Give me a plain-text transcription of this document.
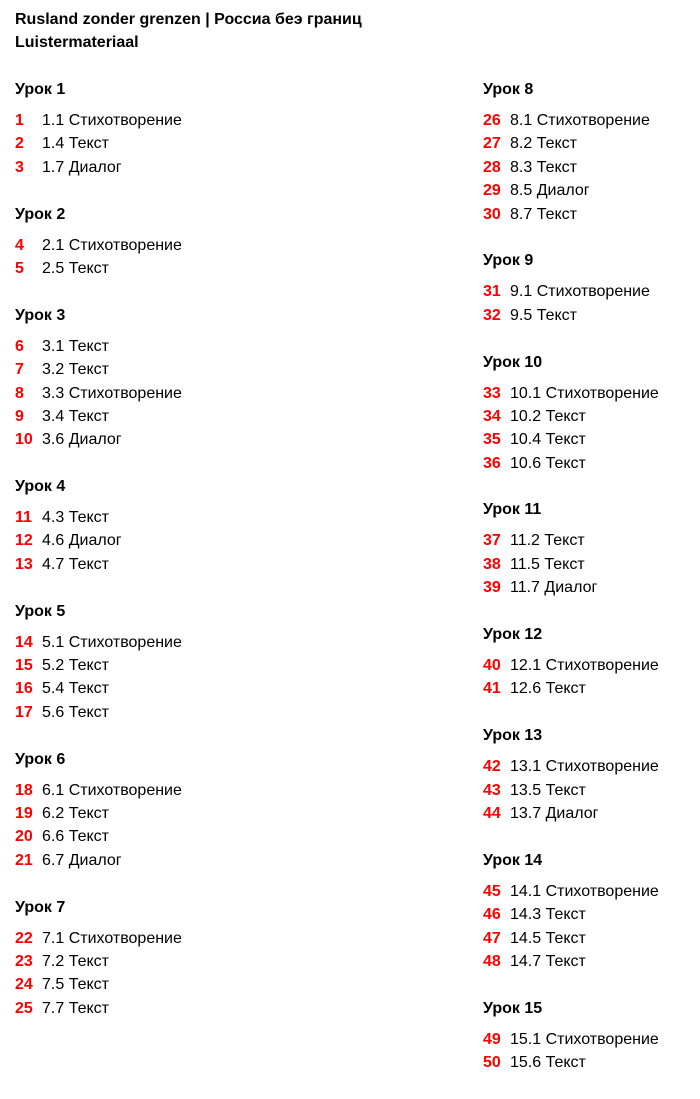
Rusland zonder grenzen | Россиа беэ границ
Luistermateriaal
Урок 1
1 1.1 Стихотворение
2 1.4 Текст
3 1.7 Диалог
Урок 2
4 2.1 Стихотворение
5 2.5 Текст
Урок 3
6 3.1 Текст
7 3.2 Текст
8 3.3 Стихотворение
9 3.4 Текст
10 3.6 Диалог
Урок 4
11 4.3 Текст
12 4.6 Диалог
13 4.7 Текст
Урок 5
14 5.1 Стихотворение
15 5.2 Текст
16 5.4 Текст
17 5.6 Текст
Урок 6
18 6.1 Стихотворение
19 6.2 Текст
20 6.6 Текст
21 6.7 Диалог
Урок 7
22 7.1 Стихотворение
23 7.2 Текст
24 7.5 Текст
25 7.7 Текст
Урок 8
26 8.1 Стихотворение
27 8.2 Текст
28 8.3 Текст
29 8.5 Диалог
30 8.7 Текст
Урок 9
31 9.1 Стихотворение
32 9.5 Текст
Урок 10
33 10.1 Стихотворение
34 10.2 Текст
35 10.4 Текст
36 10.6 Текст
Урок 11
37 11.2 Текст
38 11.5 Текст
39 11.7 Диалог
Урок 12
40 12.1 Стихотворение
41 12.6 Текст
Урок 13
42 13.1 Стихотворение
43 13.5 Текст
44 13.7 Диалог
Урок 14
45 14.1 Стихотворение
46 14.3 Текст
47 14.5 Текст
48 14.7 Текст
Урок 15
49 15.1 Стихотворение
50 15.6 Текст
